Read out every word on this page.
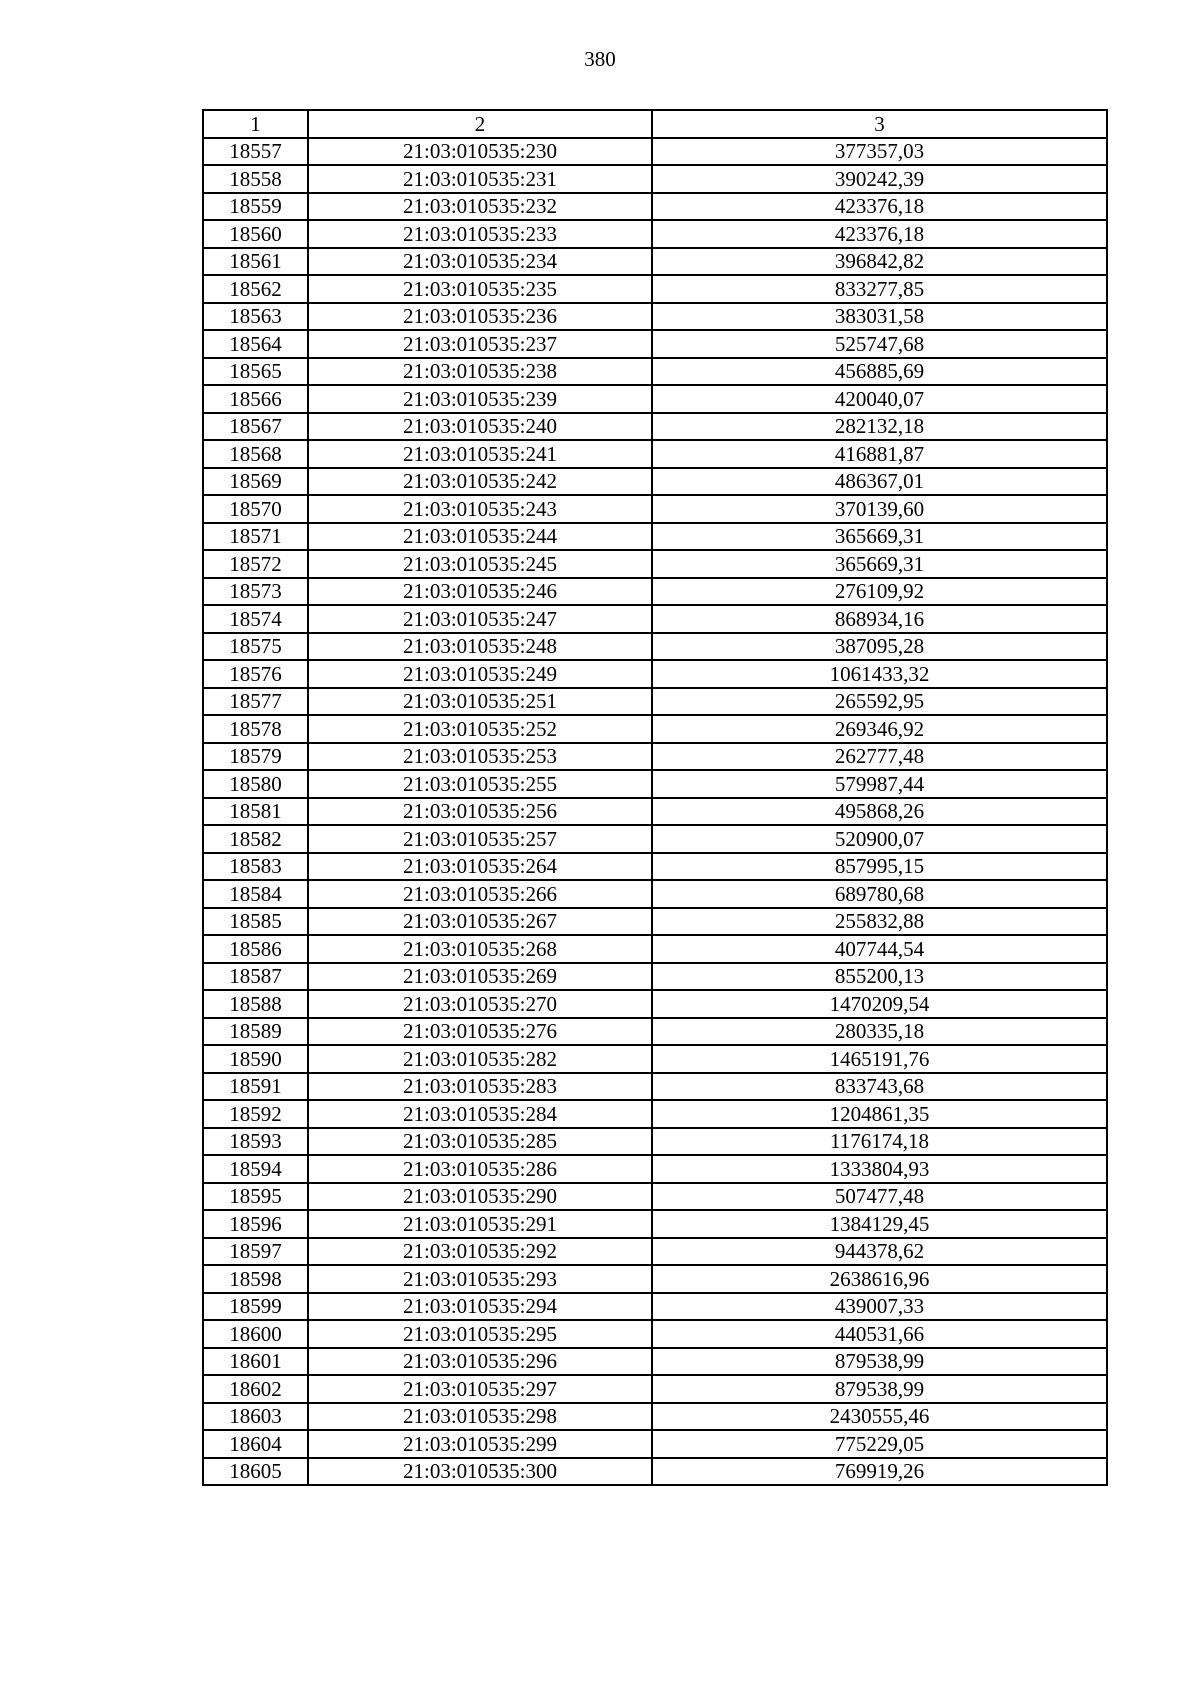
380
1	2	3
18557	21:03:010535:230	377357,03
18558	21:03:010535:231	390242,39
18559	21:03:010535:232	423376,18
18560	21:03:010535:233	423376,18
18561	21:03:010535:234	396842,82
18562	21:03:010535:235	833277,85
18563	21:03:010535:236	383031,58
18564	21:03:010535:237	525747,68
18565	21:03:010535:238	456885,69
18566	21:03:010535:239	420040,07
18567	21:03:010535:240	282132,18
18568	21:03:010535:241	416881,87
18569	21:03:010535:242	486367,01
18570	21:03:010535:243	370139,60
18571	21:03:010535:244	365669,31
18572	21:03:010535:245	365669,31
18573	21:03:010535:246	276109,92
18574	21:03:010535:247	868934,16
18575	21:03:010535:248	387095,28
18576	21:03:010535:249	1061433,32
18577	21:03:010535:251	265592,95
18578	21:03:010535:252	269346,92
18579	21:03:010535:253	262777,48
18580	21:03:010535:255	579987,44
18581	21:03:010535:256	495868,26
18582	21:03:010535:257	520900,07
18583	21:03:010535:264	857995,15
18584	21:03:010535:266	689780,68
18585	21:03:010535:267	255832,88
18586	21:03:010535:268	407744,54
18587	21:03:010535:269	855200,13
18588	21:03:010535:270	1470209,54
18589	21:03:010535:276	280335,18
18590	21:03:010535:282	1465191,76
18591	21:03:010535:283	833743,68
18592	21:03:010535:284	1204861,35
18593	21:03:010535:285	1176174,18
18594	21:03:010535:286	1333804,93
18595	21:03:010535:290	507477,48
18596	21:03:010535:291	1384129,45
18597	21:03:010535:292	944378,62
18598	21:03:010535:293	2638616,96
18599	21:03:010535:294	439007,33
18600	21:03:010535:295	440531,66
18601	21:03:010535:296	879538,99
18602	21:03:010535:297	879538,99
18603	21:03:010535:298	2430555,46
18604	21:03:010535:299	775229,05
18605	21:03:010535:300	769919,26
